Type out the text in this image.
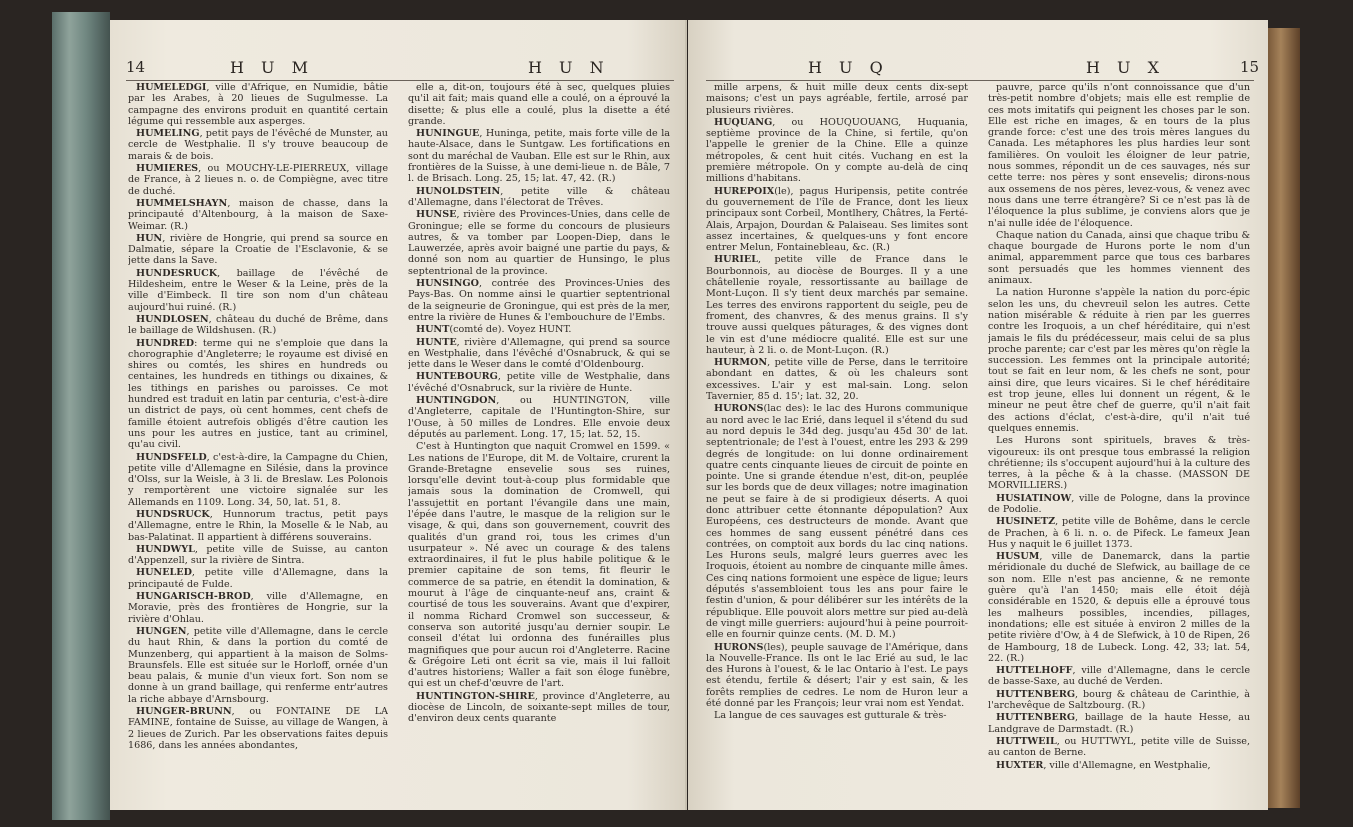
14	H U M	H U N

HUMELEDGI, ville d'Afrique, en Numidie, bâtie par les Arabes, à 20 lieues de Sugulmesse. La campagne des environs produit en quantité certain légume qui ressemble aux asperges.

HUMELING, petit pays de l'évêché de Munster, au cercle de Westphalie. Il s'y trouve beaucoup de marais & de bois.

HUMIERES, ou MOUCHY-LE-PIERREUX, village de France, à 2 lieues n. o. de Compiègne, avec titre de duché.

HUMMELSHAYN, maison de chasse, dans la principauté d'Altenbourg, à la maison de Saxe-Weimar. (R.)

HUN, rivière de Hongrie, qui prend sa source en Dalmatie, sépare la Croatie de l'Esclavonie, & se jette dans la Save.

HUNDESRUCK, baillage de l'évêché de Hildesheim, entre le Weser & la Leine, près de la ville d'Eimbeck. Il tire son nom d'un château aujourd'hui ruiné. (R.)

HUNDLOSEN, château du duché de Brême, dans le baillage de Wildshusen. (R.)

HUNDRED: terme qui ne s'emploie que dans la chorographie d'Angleterre; le royaume est divisé en shires ou comtés, les shires en hundreds ou centaines, les hundreds en tithings ou dixaines, & les tithings en parishes ou paroisses. Ce mot hundred est traduit en latin par centuria, c'est-à-dire un district de pays, où cent hommes, cent chefs de famille étoient autrefois obligés d'être caution les uns pour les autres en justice, tant au criminel, qu'au civil.

HUNDSFELD, c'est-à-dire, la Campagne du Chien, petite ville d'Allemagne en Silésie, dans la province d'Olss, sur la Weisle, à 3 li. de Breslaw. Les Polonois y remportèrent une victoire signalée sur les Allemands en 1109. Long. 34, 50, lat. 51, 8.

HUNDSRUCK, Hunnorum tractus, petit pays d'Allemagne, entre le Rhin, la Moselle & le Nab, au bas-Palatinat. Il appartient à différens souverains.

HUNDWYL, petite ville de Suisse, au canton d'Appenzell, sur la rivière de Sintra.

HUNELED, petite ville d'Allemagne, dans la principauté de Fulde.

HUNGARISCH-BROD, ville d'Allemagne, en Moravie, près des frontières de Hongrie, sur la rivière d'Ohlau.

HUNGEN, petite ville d'Allemagne, dans le cercle du haut Rhin, & dans la portion du comté de Munzenberg, qui appartient à la maison de Solms-Braunsfels. Elle est située sur le Horloff, ornée d'un beau palais, & munie d'un vieux fort. Son nom se donne à un grand baillage, qui renferme entr'autres la riche abbaye d'Arnsbourg.

HUNGER-BRUNN, ou FONTAINE DE LA FAMINE, fontaine de Suisse, au village de Wangen, à 2 lieues de Zurich. Par les observations faites depuis 1686, dans les années abondantes,

elle a, dit-on, toujours été à sec, quelques pluies qu'il ait fait; mais quand elle a coulé, on a éprouvé la disette; & plus elle a coulé, plus la disette a été grande.

HUNINGUE, Huninga, petite, mais forte ville de la haute-Alsace, dans le Suntgaw. Les fortifications en sont du maréchal de Vauban. Elle est sur le Rhin, aux frontières de la Suisse, à une demi-lieue n. de Bâle, 7 l. de Brisach. Long. 25, 15; lat. 47, 42. (R.)

HUNOLDSTEIN, petite ville & château d'Allemagne, dans l'électorat de Trêves.

HUNSE, rivière des Provinces-Unies, dans celle de Groningue; elle se forme du concours de plusieurs autres, & va tomber par Loopen-Diep, dans le Lauwerzée, après avoir baigné une partie du pays, & donné son nom au quartier de Hunsingo, le plus septentrional de la province.

HUNSINGO, contrée des Provinces-Unies des Pays-Bas. On nomme ainsi le quartier septentrional de la seigneurie de Groningue, qui est près de la mer, entre la rivière de Hunes & l'embouchure de l'Embs.

HUNT(comté de). Voyez HUNT.

HUNTE, rivière d'Allemagne, qui prend sa source en Westphalie, dans l'évêché d'Osnabruck, & qui se jette dans le Weser dans le comté d'Oldenbourg.

HUNTEBOURG, petite ville de Westphalie, dans l'évêché d'Osnabruck, sur la rivière de Hunte.

HUNTINGDON, ou HUNTINGTON, ville d'Angleterre, capitale de l'Huntington-Shire, sur l'Ouse, à 50 milles de Londres. Elle envoie deux députés au parlement. Long. 17, 15; lat. 52, 15.

C'est à Huntington que naquit Cromwel en 1599. « Les nations de l'Europe, dit M. de Voltaire, crurent la Grande-Bretagne ensevelie sous ses ruines, lorsqu'elle devint tout-à-coup plus formidable que jamais sous la domination de Cromwell, qui l'assujettit en portant l'évangile dans une main, l'épée dans l'autre, le masque de la religion sur le visage, & qui, dans son gouvernement, couvrit des qualités d'un grand roi, tous les crimes d'un usurpateur ». Né avec un courage & des talens extraordinaires, il fut le plus habile politique & le premier capitaine de son tems, fit fleurir le commerce de sa patrie, en étendit la domination, & mourut à l'âge de cinquante-neuf ans, craint & courtisé de tous les souverains. Avant que d'expirer, il nomma Richard Cromwel son successeur, & conserva son autorité jusqu'au dernier soupir. Le conseil d'état lui ordonna des funérailles plus magnifiques que pour aucun roi d'Angleterre. Racine & Grégoire Leti ont écrit sa vie, mais il lui falloit d'autres historiens; Waller a fait son éloge funèbre, qui est un chef-d'œuvre de l'art.

HUNTINGTON-SHIRE, province d'Angleterre, au diocèse de Lincoln, de soixante-sept milles de tour, d'environ deux cents quarante

H U Q	H U X	15

mille arpens, & huit mille deux cents dix-sept maisons; c'est un pays agréable, fertile, arrosé par plusieurs rivières.

HUQUANG, ou HOUQUOUANG, Huquania, septième province de la Chine, si fertile, qu'on l'appelle le grenier de la Chine. Elle a quinze métropoles, & cent huit cités. Vuchang en est la première métropole. On y compte au-delà de cinq millions d'habitans.

HUREPOIX(le), pagus Huripensis, petite contrée du gouvernement de l'île de France, dont les lieux principaux sont Corbeil, Montlhery, Châtres, la Ferté-Alais, Arpajon, Dourdan & Palaiseau. Ses limites sont assez incertaines, & quelques-uns y font encore entrer Melun, Fontainebleau, &c. (R.)

HURIEL, petite ville de France dans le Bourbonnois, au diocèse de Bourges. Il y a une châtellenie royale, ressortissante au baillage de Mont-Luçon. Il s'y tient deux marchés par semaine. Les terres des environs rapportent du seigle, peu de froment, des chanvres, & des menus grains. Il s'y trouve aussi quelques pâturages, & des vignes dont le vin est d'une médiocre qualité. Elle est sur une hauteur, à 2 li. o. de Mont-Luçon. (R.)

HURMON, petite ville de Perse, dans le territoire abondant en dattes, & où les chaleurs sont excessives. L'air y est mal-sain. Long. selon Tavernier, 85 d. 15'; lat. 32, 20.

HURONS(lac des): le lac des Hurons communique au nord avec le lac Erié, dans lequel il s'étend du sud au nord depuis le 34d deg. jusqu'au 45d 30' de lat. septentrionale; de l'est à l'ouest, entre les 293 & 299 degrés de longitude: on lui donne ordinairement quatre cents cinquante lieues de circuit de pointe en pointe. Une si grande étendue n'est, dit-on, peuplée sur les bords que de deux villages; notre imagination ne peut se faire à de si prodigieux déserts. A quoi donc attribuer cette étonnante dépopulation? Aux Européens, ces destructeurs de monde. Avant que ces hommes de sang eussent pénétré dans ces contrées, on comptoit aux bords du lac cinq nations. Les Hurons seuls, malgré leurs guerres avec les Iroquois, étoient au nombre de cinquante mille âmes. Ces cinq nations formoient une espèce de ligue; leurs députés s'assembloient tous les ans pour faire le festin d'union, & pour délibérer sur les intérêts de la république. Elle pouvoit alors mettre sur pied au-delà de vingt mille guerriers: aujourd'hui à peine pourroit-elle en fournir quinze cents. (M. D. M.)

HURONS(les), peuple sauvage de l'Amérique, dans la Nouvelle-France. Ils ont le lac Erié au sud, le lac des Hurons à l'ouest, & le lac Ontario à l'est. Le pays est étendu, fertile & désert; l'air y est sain, & les forêts remplies de cedres. Le nom de Huron leur a été donné par les François; leur vrai nom est Yendat.

La langue de ces sauvages est gutturale & très-

pauvre, parce qu'ils n'ont connoissance que d'un très-petit nombre d'objets; mais elle est remplie de ces mots imitatifs qui peignent les choses par le son. Elle est riche en images, & en tours de la plus grande force: c'est une des trois mères langues du Canada. Les métaphores les plus hardies leur sont familières. On vouloit les éloigner de leur patrie, nous sommes, répondit un de ces sauvages, nés sur cette terre: nos pères y sont ensevelis; dirons-nous aux ossemens de nos pères, levez-vous, & venez avec nous dans une terre étrangère? Si ce n'est pas là de l'éloquence la plus sublime, je conviens alors que je n'ai nulle idée de l'éloquence.

Chaque nation du Canada, ainsi que chaque tribu & chaque bourgade de Hurons porte le nom d'un animal, apparemment parce que tous ces barbares sont persuadés que les hommes viennent des animaux.

La nation Huronne s'appèle la nation du porc-épic selon les uns, du chevreuil selon les autres. Cette nation misérable & réduite à rien par les guerres contre les Iroquois, a un chef héréditaire, qui n'est jamais le fils du prédécesseur, mais celui de sa plus proche parente; car c'est par les mères qu'on règle la succession. Les femmes ont la principale autorité; tout se fait en leur nom, & les chefs ne sont, pour ainsi dire, que leurs vicaires. Si le chef héréditaire est trop jeune, elles lui donnent un régent, & le mineur ne peut être chef de guerre, qu'il n'ait fait des actions d'éclat, c'est-à-dire, qu'il n'ait tué quelques ennemis.

Les Hurons sont spirituels, braves & très-vigoureux: ils ont presque tous embrassé la religion chrétienne; ils s'occupent aujourd'hui à la culture des terres, à la pêche & à la chasse. (MASSON DE MORVILLIERS.)

HUSIATINOW, ville de Pologne, dans la province de Podolie.

HUSINETZ, petite ville de Bohême, dans le cercle de Prachen, à 6 li. n. o. de Pifeck. Le fameux Jean Hus y naquit le 6 juillet 1373.

HUSUM, ville de Danemarck, dans la partie méridionale du duché de Slefwick, au baillage de ce son nom. Elle n'est pas ancienne, & ne remonte guère qu'à l'an 1450; mais elle étoit déjà considérable en 1520, & depuis elle a éprouvé tous les malheurs possibles, incendies, pillages, inondations; elle est située à environ 2 milles de la petite rivière d'Ow, à 4 de Slefwick, à 10 de Ripen, 26 de Hambourg, 18 de Lubeck. Long. 42, 33; lat. 54, 22. (R.)

HUTTELHOFF, ville d'Allemagne, dans le cercle de basse-Saxe, au duché de Verden.

HUTTENBERG, bourg & château de Carinthie, à l'archevêque de Saltzbourg. (R.)

HUTTENBERG, baillage de la haute Hesse, au Landgrave de Darmstadt. (R.)

HUTTWEIL, ou HUTTWYL, petite ville de Suisse, au canton de Berne.

HUXTER, ville d'Allemagne, en Westphalie,
